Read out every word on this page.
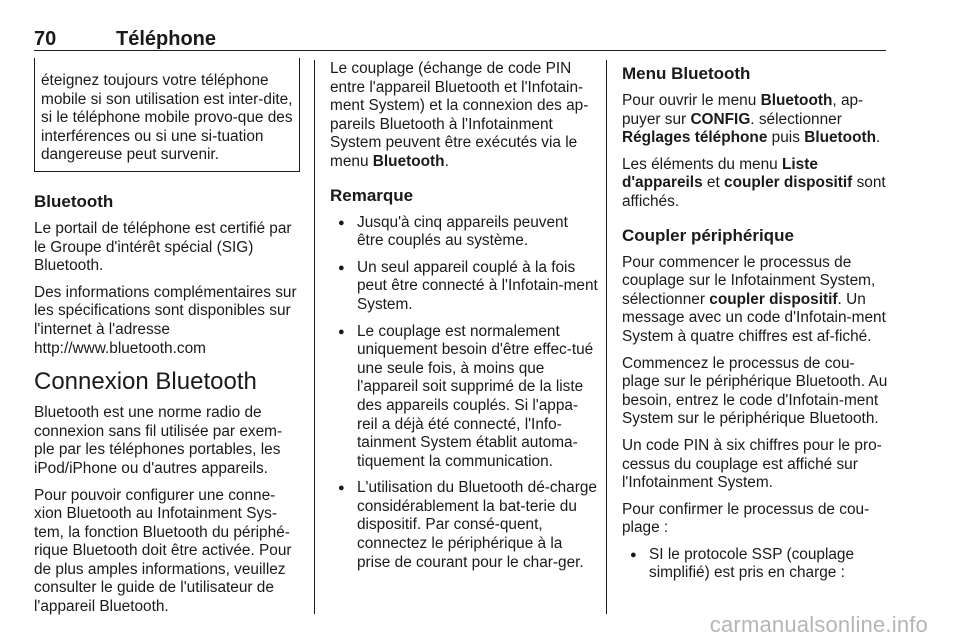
70	Téléphone

éteignez toujours votre téléphone mobile si son utilisation est inter-dite, si le téléphone mobile provo-que des interférences ou si une si-tuation dangereuse peut survenir.

Bluetooth

Le portail de téléphone est certifié par le Groupe d'intérêt spécial (SIG) Bluetooth.

Des informations complémentaires sur les spécifications sont disponibles sur l'internet à l'adresse http://www.bluetooth.com

Connexion Bluetooth

Bluetooth est une norme radio de connexion sans fil utilisée par exem-ple par les téléphones portables, les iPod/iPhone ou d'autres appareils.

Pour pouvoir configurer une conne-xion Bluetooth au Infotainment Sys-tem, la fonction Bluetooth du périphé-rique Bluetooth doit être activée. Pour de plus amples informations, veuillez consulter le guide de l'utilisateur de l'appareil Bluetooth.

Le couplage (échange de code PIN entre l'appareil Bluetooth et l'Infotain-ment System) et la connexion des ap-pareils Bluetooth à l'Infotainment System peuvent être exécutés via le menu Bluetooth.

Remarque
● Jusqu'à cinq appareils peuvent être couplés au système.
● Un seul appareil couplé à la fois peut être connecté à l'Infotain-ment System.
● Le couplage est normalement uniquement besoin d'être effec-tué une seule fois, à moins que l'appareil soit supprimé de la liste des appareils couplés. Si l'appa-reil a déjà été connecté, l'Info-tainment System établit automa-tiquement la communication.
● L'utilisation du Bluetooth dé-charge considérablement la bat-terie du dispositif. Par consé-quent, connectez le périphérique à la prise de courant pour le char-ger.
Menu Bluetooth

Pour ouvrir le menu Bluetooth, ap-puyer sur CONFIG. sélectionner Réglages téléphone puis Bluetooth.

Les éléments du menu Liste d'appareils et coupler dispositif sont affichés.

Coupler périphérique

Pour commencer le processus de couplage sur le Infotainment System, sélectionner coupler dispositif. Un message avec un code d'Infotain-ment System à quatre chiffres est af-fiché.

Commencez le processus de cou-plage sur le périphérique Bluetooth. Au besoin, entrez le code d'Infotain-ment System sur le périphérique Bluetooth.

Un code PIN à six chiffres pour le pro-cessus du couplage est affiché sur l'Infotainment System.

Pour confirmer le processus de cou-plage :

● SI le protocole SSP (couplage simplifié) est pris en charge :
carmanualsonline.info
